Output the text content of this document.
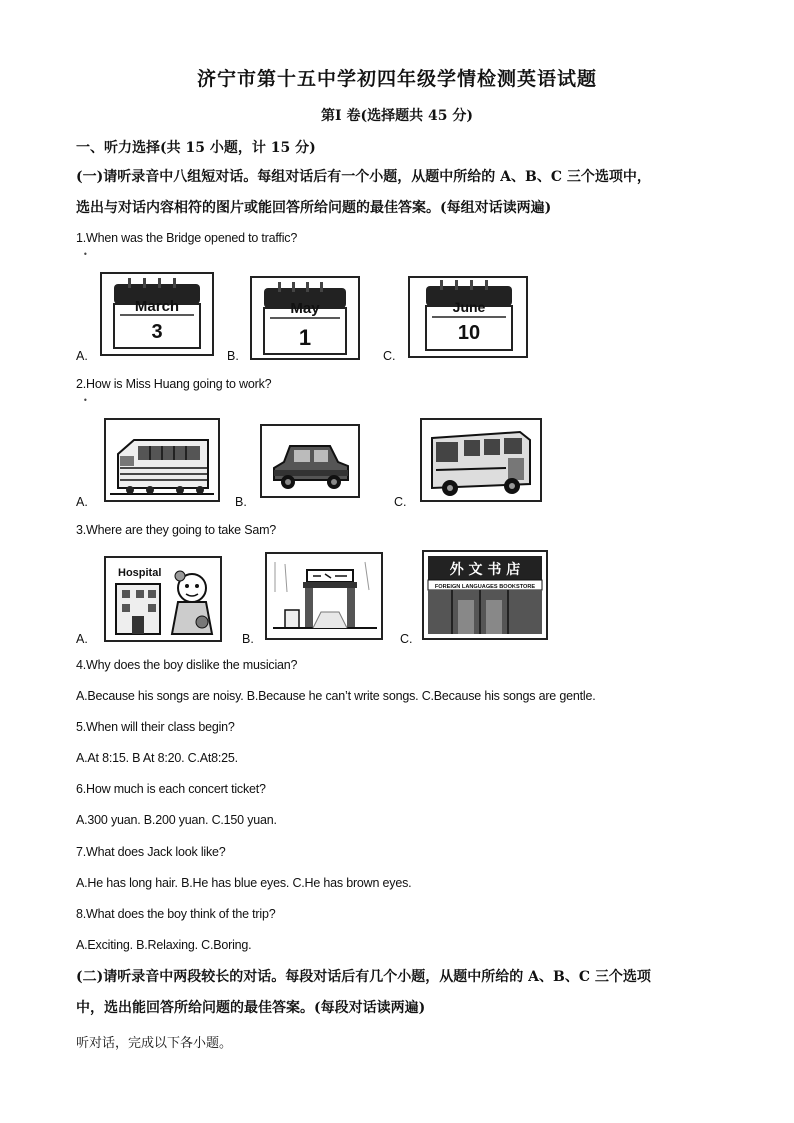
济宁市第十五中学初四年级学情检测英语试题
第Ⅰ 卷(选择题共 45 分)
一、听力选择(共 15 小题，计 15 分)
(一)请听录音中八组短对话。每组对话后有一个小题，从题中所给的 A、B、C 三个选项中，
选出与对话内容相符的图片或能回答所给问题的最佳答案。(每组对话读两遍)
1.When was the Bridge opened to traffic?
•
A.	B.	C.
March
3
May
1
June
10
2.How is Miss Huang going to work?
•
A.	B.	C.
3.Where are they going to take Sam?
A.	B.	C.
Hospital	外 文 书 店
FOREIGN LANGUAGES BOOKSTORE
4.Why does the boy dislike the musician?
A.Because his songs are noisy. B.Because he can’t write songs. C.Because his songs are gentle.
5.When will their class begin?
A.At 8:15. B At 8:20. C.At8:25.
6.How much is each concert ticket?
A.300 yuan. B.200 yuan. C.150 yuan.
7.What does Jack look like?
A.He has long hair. B.He has blue eyes. C.He has brown eyes.
8.What does the boy think of the trip?
A.Exciting. B.Relaxing. C.Boring.
(二)请听录音中两段较长的对话。每段对话后有几个小题，从题中所给的 A、B、C 三个选项
中，选出能回答所给问题的最佳答案。(每段对话读两遍)
听对话，完成以下各小题。
